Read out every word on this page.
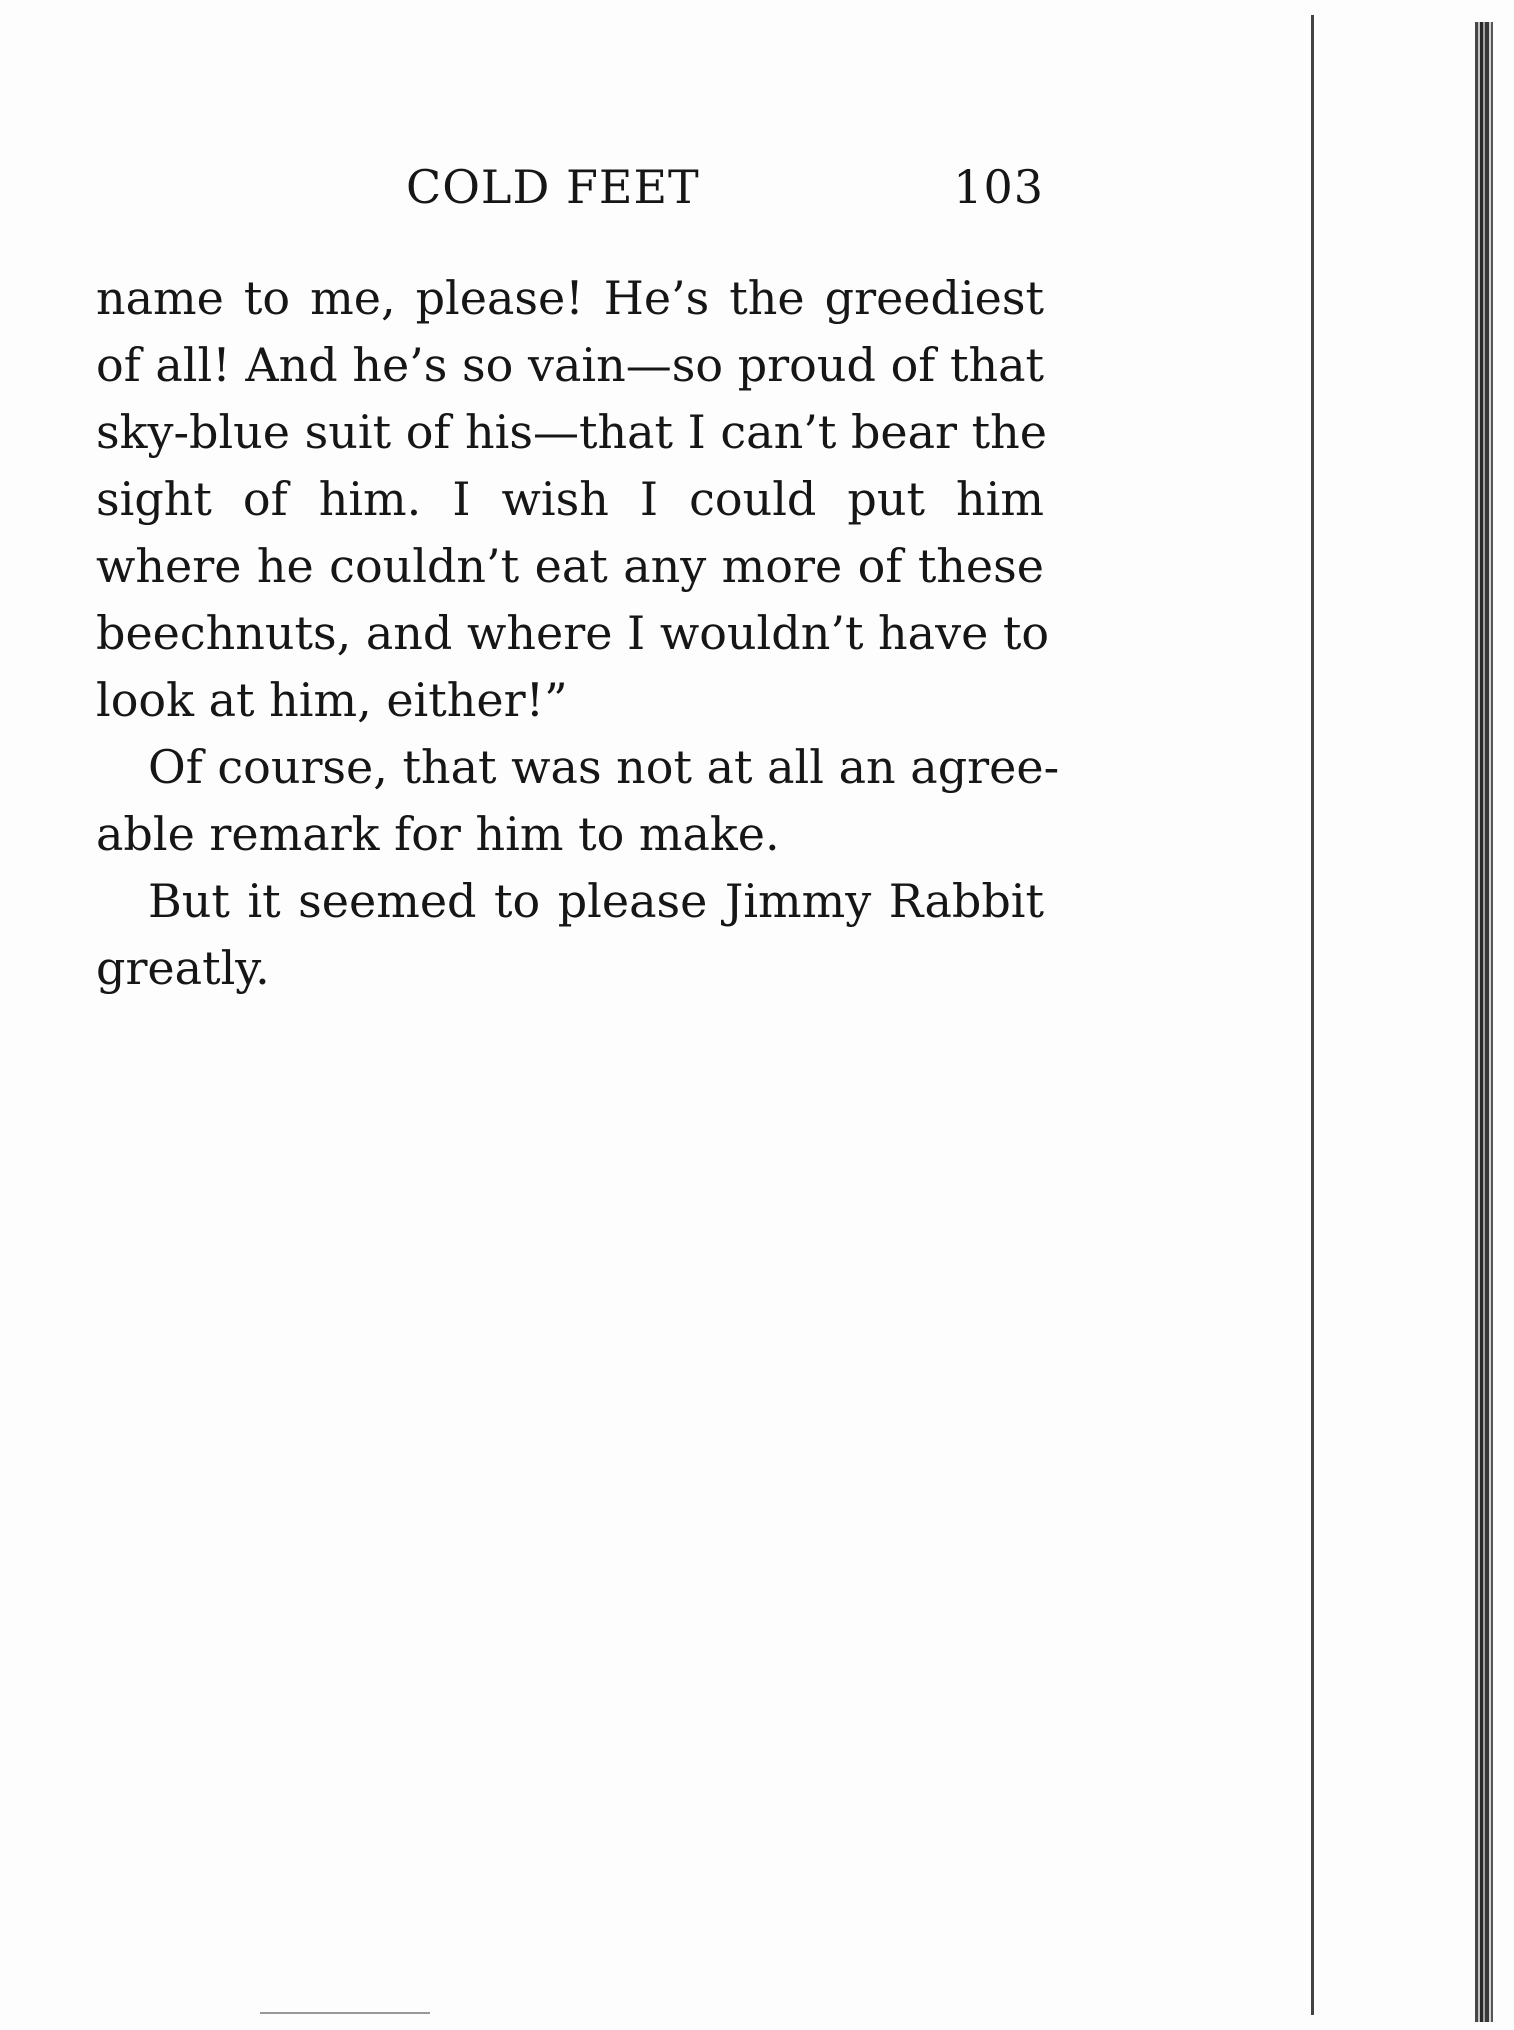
COLD FEET	103
name to me, please! He’s the greediest
of all! And he’s so vain—so proud of that
sky-blue suit of his—that I can’t bear the
sight of him. I wish I could put him
where he couldn’t eat any more of these
beechnuts, and where I wouldn’t have to
look at him, either!”
Of course, that was not at all an agree-
able remark for him to make.
But it seemed to please Jimmy Rabbit
greatly.
